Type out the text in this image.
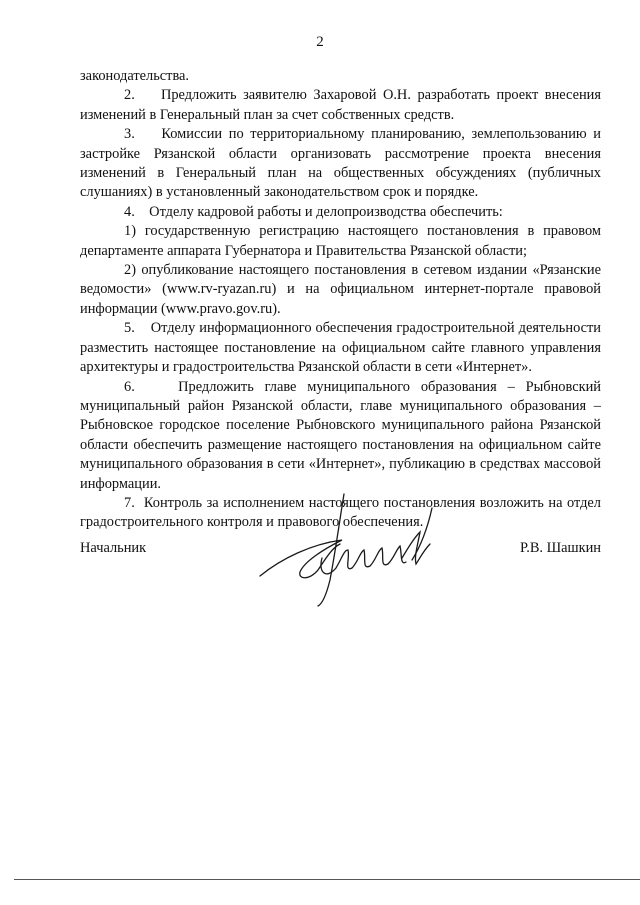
2

законодательства.

2.    Предложить заявителю Захаровой О.Н. разработать проект внесения изменений в Генеральный план за счет собственных средств.

3.    Комиссии по территориальному планированию, землепользованию и застройке Рязанской области организовать рассмотрение проекта внесения изменений в Генеральный план на общественных обсуждениях (публичных слушаниях) в установленный законодательством срок и порядке.

4.    Отделу кадровой работы и делопроизводства обеспечить:

1) государственную регистрацию настоящего постановления в правовом департаменте аппарата Губернатора и Правительства Рязанской области;

2) опубликование настоящего постановления в сетевом издании «Рязанские ведомости» (www.rv-ryazan.ru) и на официальном интернет-портале правовой информации (www.pravo.gov.ru).

5.    Отделу информационного обеспечения градостроительной деятельности разместить настоящее постановление на официальном сайте главного управления архитектуры и градостроительства Рязанской области в сети «Интернет».

6.    Предложить главе муниципального образования – Рыбновский муниципальный район Рязанской области, главе муниципального образования – Рыбновское городское поселение Рыбновского муниципального района Рязанской области обеспечить размещение настоящего постановления на официальном сайте муниципального образования в сети «Интернет», публикацию в средствах массовой информации.

7.  Контроль за исполнением настоящего постановления возложить на отдел градостроительного контроля и правового обеспечения.

Начальник	Р.В. Шашкин
